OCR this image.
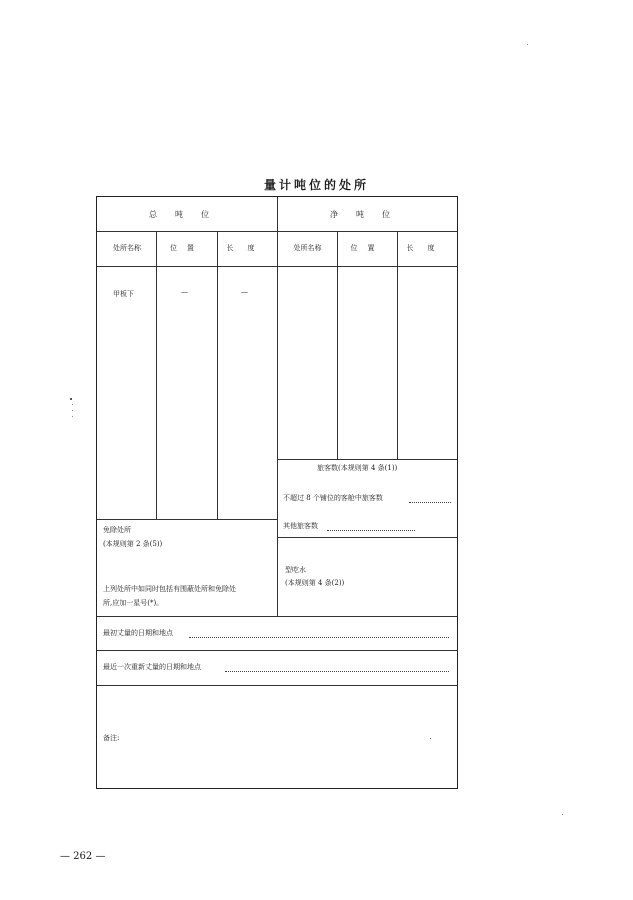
量计吨位的处所
总吨位	净吨位
处所名称	位置	长度	处所名称	位置	长度
甲板下	—	—
旅客数(本规则第 4 条(1))
不超过 8 个铺位的客舱中旅客数
其他旅客数
免除处所
(本规则第 2 条(5))
上列处所中如同时包括有围蔽处所和免除处
所,应加一星号(*)。
型吃水
(本规则第 4 条(2))
最初丈量的日期和地点
最近一次重新丈量的日期和地点
备注:
— 262 —
